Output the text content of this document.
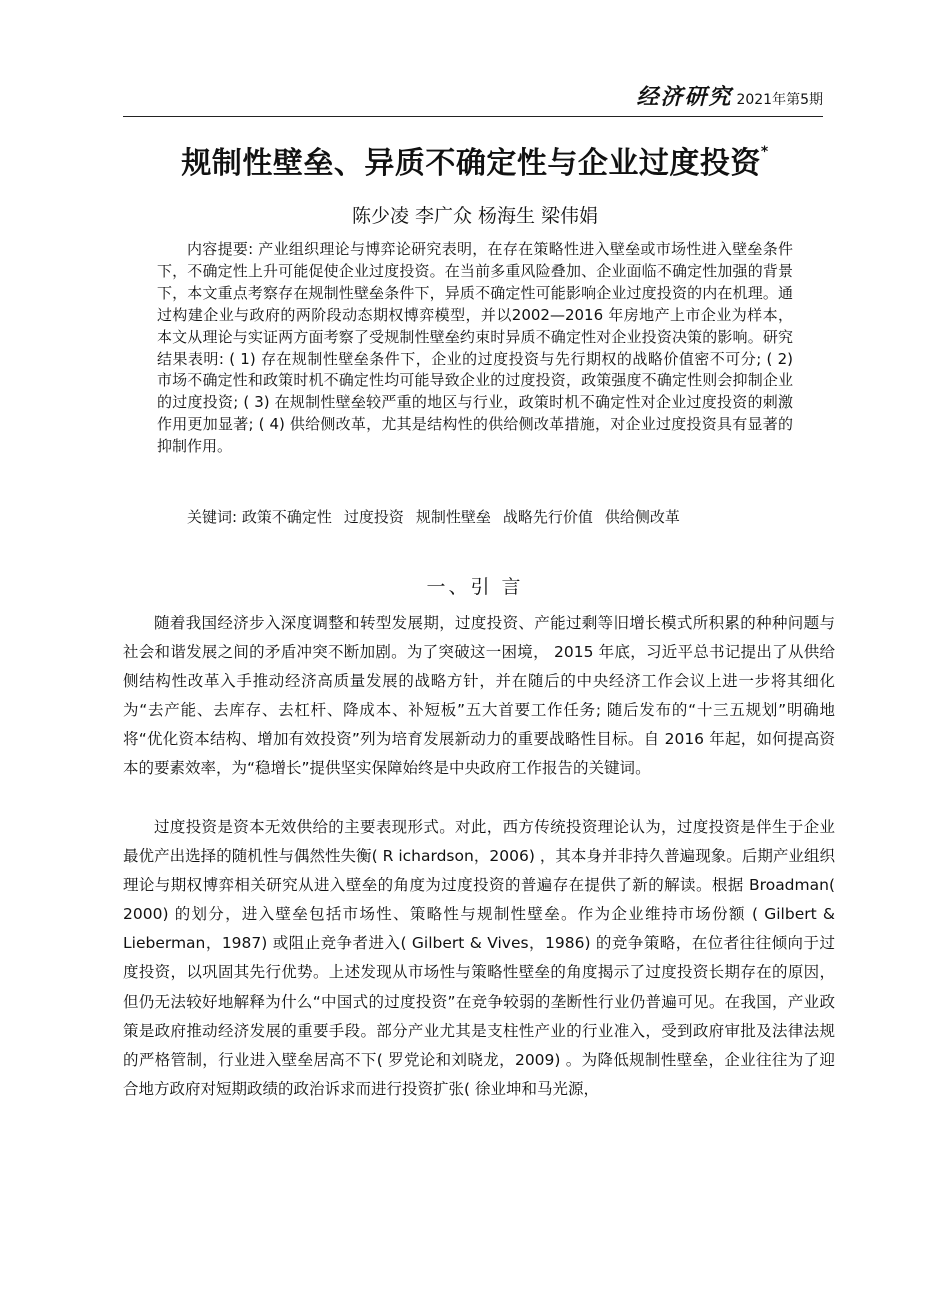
经济研究 2021年第5期
规制性壁垒、异质不确定性与企业过度投资*
陈少凌 李广众 杨海生 梁伟娟

内容提要: 产业组织理论与博弈论研究表明，在存在策略性进入壁垒或市场性进入壁垒条件下，不确定性上升可能促使企业过度投资。在当前多重风险叠加、企业面临不确定性加强的背景下，本文重点考察存在规制性壁垒条件下，异质不确定性可能影响企业过度投资的内在机理。通过构建企业与政府的两阶段动态期权博弈模型，并以2002—2016 年房地产上市企业为样本，本文从理论与实证两方面考察了受规制性壁垒约束时异质不确定性对企业投资决策的影响。研究结果表明: ( 1) 存在规制性壁垒条件下，企业的过度投资与先行期权的战略价值密不可分; ( 2) 市场不确定性和政策时机不确定性均可能导致企业的过度投资，政策强度不确定性则会抑制企业的过度投资; ( 3) 在规制性壁垒较严重的地区与行业，政策时机不确定性对企业过度投资的刺激作用更加显著; ( 4) 供给侧改革，尤其是结构性的供给侧改革措施，对企业过度投资具有显著的抑制作用。

关键词: 政策不确定性 过度投资 规制性壁垒 战略先行价值 供给侧改革

一、引 言

随着我国经济步入深度调整和转型发展期，过度投资、产能过剩等旧增长模式所积累的种种问题与社会和谐发展之间的矛盾冲突不断加剧。为了突破这一困境， 2015 年底，习近平总书记提出了从供给侧结构性改革入手推动经济高质量发展的战略方针，并在随后的中央经济工作会议上进一步将其细化为“去产能、去库存、去杠杆、降成本、补短板”五大首要工作任务; 随后发布的“十三五规划”明确地将“优化资本结构、增加有效投资”列为培育发展新动力的重要战略性目标。自 2016 年起，如何提高资本的要素效率，为“稳增长”提供坚实保障始终是中央政府工作报告的关键词。

过度投资是资本无效供给的主要表现形式。对此，西方传统投资理论认为，过度投资是伴生于企业最优产出选择的随机性与偶然性失衡( R ichardson，2006) ，其本身并非持久普遍现象。后期产业组织理论与期权博弈相关研究从进入壁垒的角度为过度投资的普遍存在提供了新的解读。根据 Broadman( 2000) 的划分，进入壁垒包括市场性、策略性与规制性壁垒。作为企业维持市场份额 ( Gilbert & Lieberman，1987) 或阻止竞争者进入( Gilbert & Vives，1986) 的竞争策略，在位者往往倾向于过度投资，以巩固其先行优势。上述发现从市场性与策略性壁垒的角度揭示了过度投资长期存在的原因，但仍无法较好地解释为什么“中国式的过度投资”在竞争较弱的垄断性行业仍普遍可见。在我国，产业政策是政府推动经济发展的重要手段。部分产业尤其是支柱性产业的行业准入，受到政府审批及法律法规的严格管制，行业进入壁垒居高不下( 罗党论和刘晓龙，2009) 。为降低规制性壁垒，企业往往为了迎合地方政府对短期政绩的政治诉求而进行投资扩张( 徐业坤和马光源，
